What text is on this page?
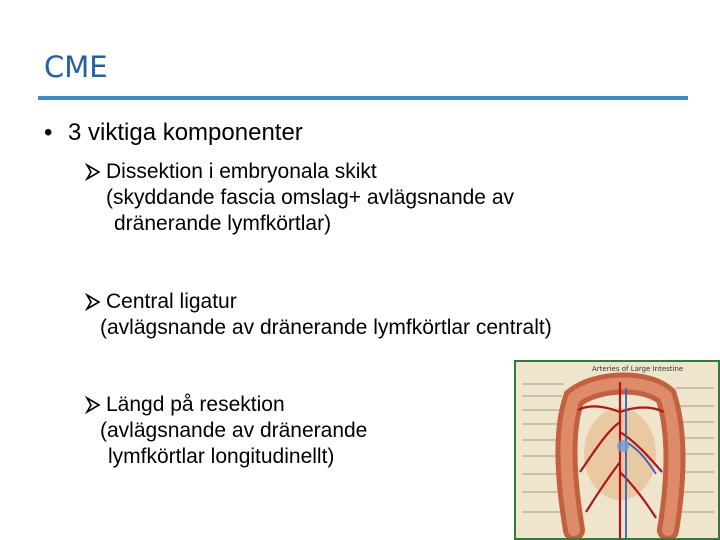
CME
• 3 viktiga komponenter
Dissektion i embryonala skikt
(skyddande fascia omslag+ avlägsnande av
dränerande lymfkörtlar)
Central ligatur
(avlägsnande av dränerande lymfkörtlar centralt)
Längd på resektion
(avlägsnande av dränerande
lymfkörtlar longitudinellt)
Arteries of Large Intestine
